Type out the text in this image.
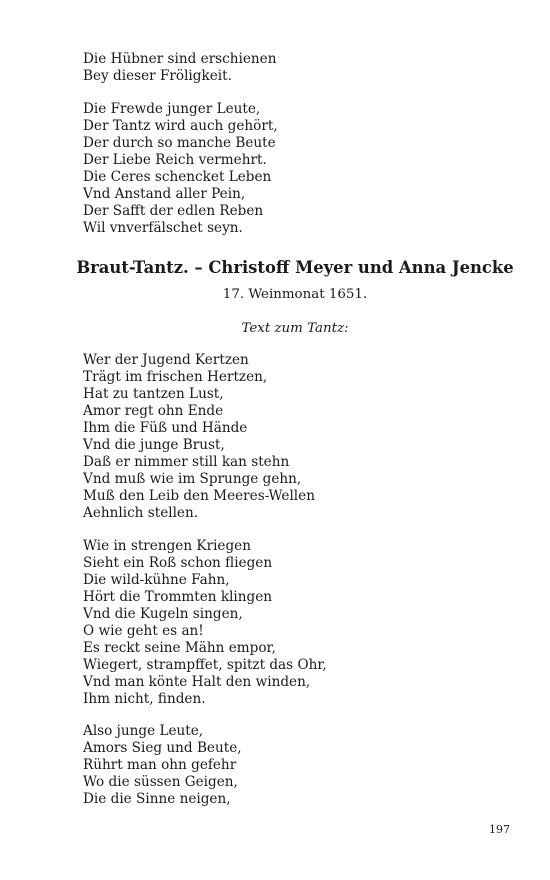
Die Hübner sind erschienen
Bey dieser Fröligkeit.
Die Frewde junger Leute,
Der Tantz wird auch gehört,
Der durch so manche Beute
Der Liebe Reich vermehrt.
Die Ceres schencket Leben
Vnd Anstand aller Pein,
Der Safft der edlen Reben
Wil vnverfälschet seyn.
Braut-Tantz. – Christoff Meyer und Anna Jencke

17. Weinmonat 1651.

Text zum Tantz:

Wer der Jugend Kertzen
Trägt im frischen Hertzen,
Hat zu tantzen Lust,
Amor regt ohn Ende
Ihm die Füß und Hände
Vnd die junge Brust,
Daß er nimmer still kan stehn
Vnd muß wie im Sprunge gehn,
Muß den Leib den Meeres-Wellen
Aehnlich stellen.
Wie in strengen Kriegen
Sieht ein Roß schon fliegen
Die wild-kühne Fahn,
Hört die Trommten klingen
Vnd die Kugeln singen,
O wie geht es an!
Es reckt seine Mähn empor,
Wiegert, strampffet, spitzt das Ohr,
Vnd man könte Halt den winden,
Ihm nicht, finden.
Also junge Leute,
Amors Sieg und Beute,
Rührt man ohn gefehr
Wo die süssen Geigen,
Die die Sinne neigen,

197
